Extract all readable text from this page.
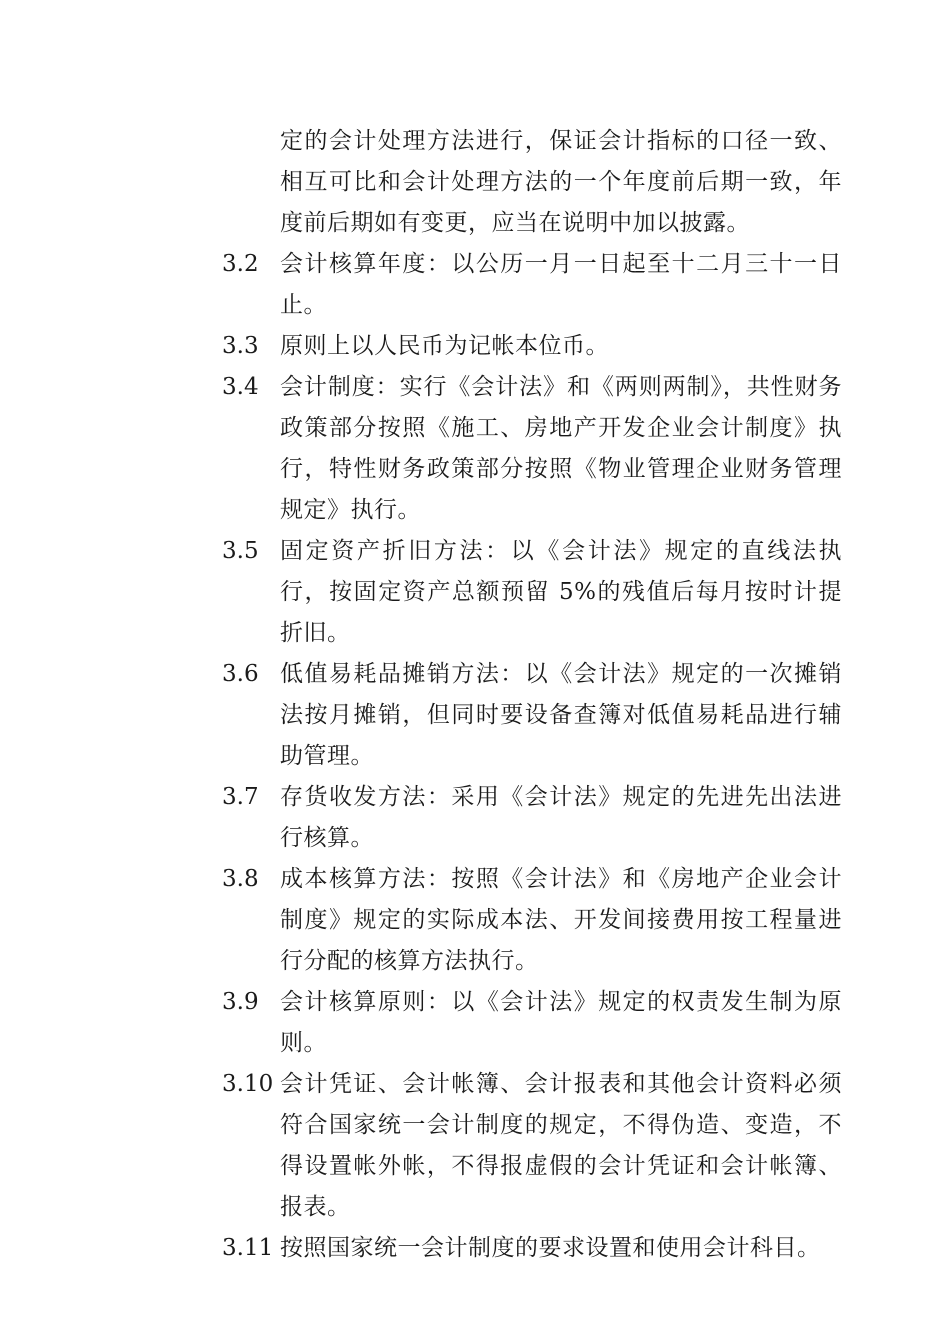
定的会计处理方法进行，保证会计指标的口径一致、相互可比和会计处理方法的一个年度前后期一致，年度前后期如有变更，应当在说明中加以披露。
3.2 会计核算年度：以公历一月一日起至十二月三十一日止。
3.3 原则上以人民币为记帐本位币。
3.4 会计制度：实行《会计法》和《两则两制》，共性财务政策部分按照《施工、房地产开发企业会计制度》执行，特性财务政策部分按照《物业管理企业财务管理规定》执行。
3.5 固定资产折旧方法：以《会计法》规定的直线法执行，按固定资产总额预留 5%的残值后每月按时计提折旧。
3.6 低值易耗品摊销方法：以《会计法》规定的一次摊销法按月摊销，但同时要设备查簿对低值易耗品进行辅助管理。
3.7 存货收发方法：采用《会计法》规定的先进先出法进行核算。
3.8 成本核算方法：按照《会计法》和《房地产企业会计制度》规定的实际成本法、开发间接费用按工程量进行分配的核算方法执行。
3.9 会计核算原则：以《会计法》规定的权责发生制为原则。
3.10 会计凭证、会计帐簿、会计报表和其他会计资料必须符合国家统一会计制度的规定，不得伪造、变造，不得设置帐外帐，不得报虚假的会计凭证和会计帐簿、报表。
3.11 按照国家统一会计制度的要求设置和使用会计科目。
